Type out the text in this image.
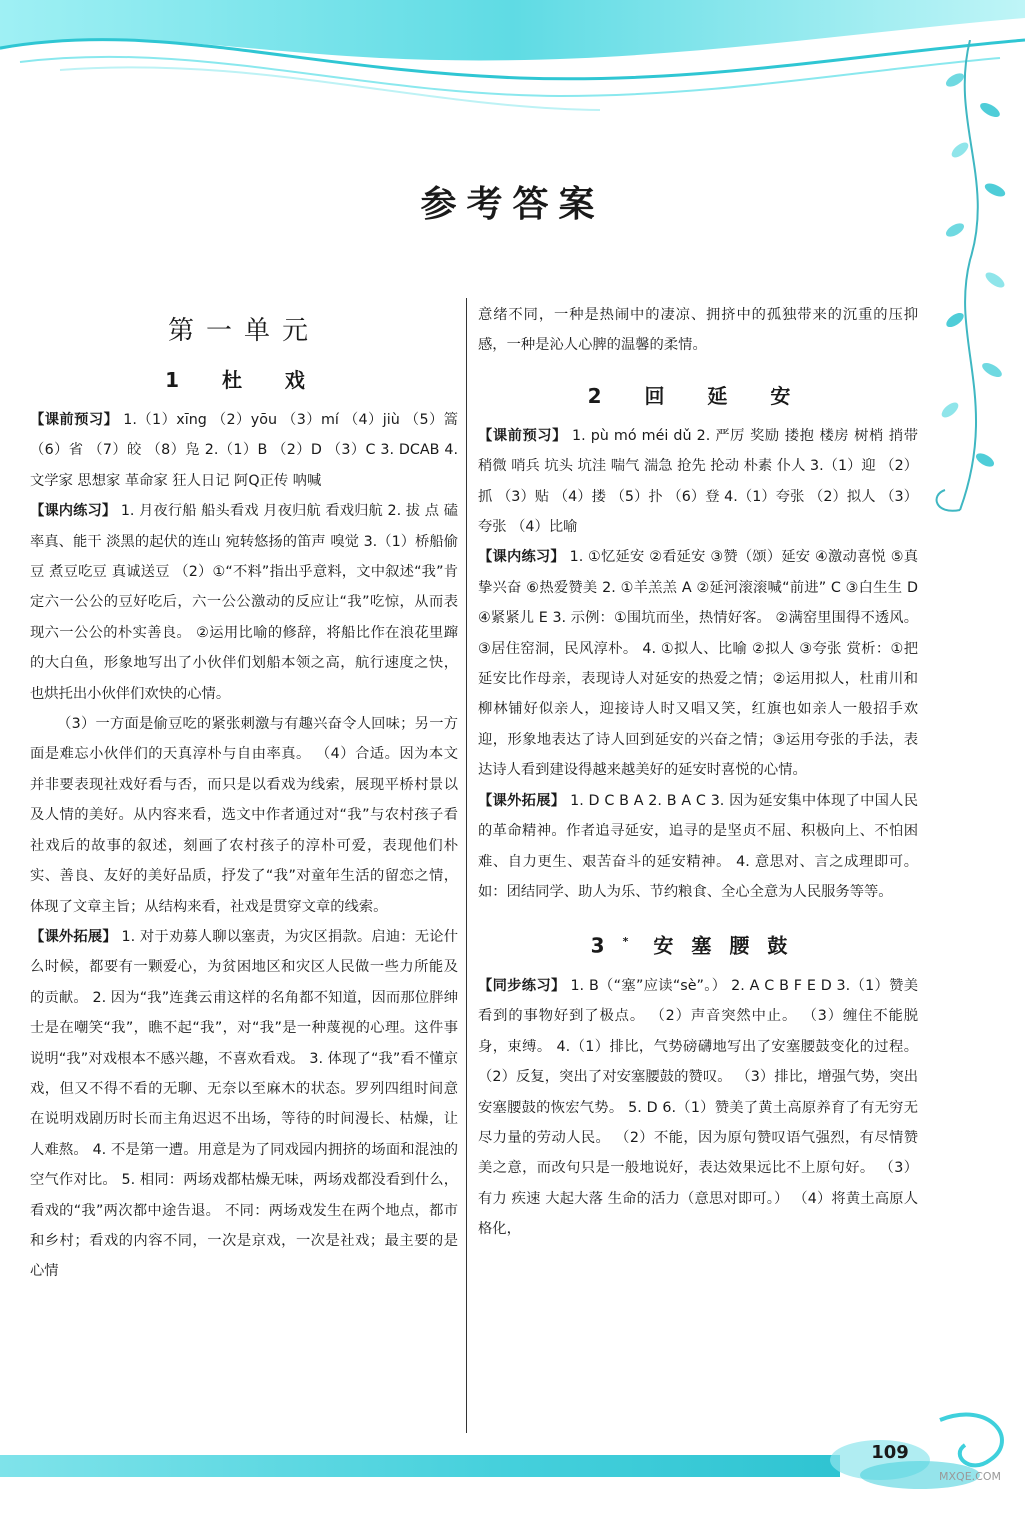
参考答案
第一单元
1 杜 戏

【课前预习】 1.（1）xīng （2）yōu （3）mí （4）jiù （5）篙 （6）省 （7）皎 （8）凫 2.（1）B （2）D （3）C 3. DCAB 4. 文学家 思想家 革命家 狂人日记 阿Q正传 呐喊

【课内练习】 1. 月夜行船 船头看戏 月夜归航 看戏归航 2. 拔 点 磕 率真、能干 淡黑的起伏的连山 宛转悠扬的笛声 嗅觉 3.（1）桥船偷豆 煮豆吃豆 真诚送豆 （2）①“不料”指出乎意料，文中叙述“我”肯定六一公公的豆好吃后，六一公公激动的反应让“我”吃惊，从而表现六一公公的朴实善良。 ②运用比喻的修辞，将船比作在浪花里蹿的大白鱼，形象地写出了小伙伴们划船本领之高，航行速度之快，也烘托出小伙伴们欢快的心情。

（3）一方面是偷豆吃的紧张刺激与有趣兴奋令人回味；另一方面是难忘小伙伴们的天真淳朴与自由率真。 （4）合适。因为本文并非要表现社戏好看与否，而只是以看戏为线索，展现平桥村景以及人情的美好。从内容来看，选文中作者通过对“我”与农村孩子看社戏后的故事的叙述，刻画了农村孩子的淳朴可爱，表现他们朴实、善良、友好的美好品质，抒发了“我”对童年生活的留恋之情，体现了文章主旨；从结构来看，社戏是贯穿文章的线索。

【课外拓展】 1. 对于劝募人聊以塞责，为灾区捐款。启迪：无论什么时候，都要有一颗爱心，为贫困地区和灾区人民做一些力所能及的贡献。 2. 因为“我”连龚云甫这样的名角都不知道，因而那位胖绅士是在嘲笑“我”，瞧不起“我”，对“我”是一种蔑视的心理。这件事说明“我”对戏根本不感兴趣，不喜欢看戏。 3. 体现了“我”看不懂京戏，但又不得不看的无聊、无奈以至麻木的状态。罗列四组时间意在说明戏剧历时长而主角迟迟不出场，等待的时间漫长、枯燥，让人难熬。 4. 不是第一遭。用意是为了同戏园内拥挤的场面和混浊的空气作对比。 5. 相同：两场戏都枯燥无味，两场戏都没看到什么，看戏的“我”两次都中途告退。 不同：两场戏发生在两个地点，都市和乡村；看戏的内容不同，一次是京戏，一次是社戏；最主要的是心情

意绪不同，一种是热闹中的凄凉、拥挤中的孤独带来的沉重的压抑感，一种是沁人心脾的温馨的柔情。

2 回 延 安

【课前预习】 1. pù mó méi dǔ 2. 严厉 奖励 搂抱 楼房 树梢 捎带 稍微 哨兵 坑头 坑洼 喘气 湍急 抢先 抡动 朴素 仆人 3.（1）迎 （2）抓 （3）贴 （4）搂 （5）扑 （6）登 4.（1）夸张 （2）拟人 （3）夸张 （4）比喻

【课内练习】 1. ①忆延安 ②看延安 ③赞（颂）延安 ④激动喜悦 ⑤真挚兴奋 ⑥热爱赞美 2. ①羊羔羔 A ②延河滚滚喊“前进” C ③白生生 D ④紧紧儿 E 3. 示例：①围坑而坐，热情好客。 ②满窑里围得不透风。 ③居住窑洞，民风淳朴。 4. ①拟人、比喻 ②拟人 ③夸张 赏析：①把延安比作母亲，表现诗人对延安的热爱之情；②运用拟人，杜甫川和柳林铺好似亲人，迎接诗人时又唱又笑，红旗也如亲人一般招手欢迎，形象地表达了诗人回到延安的兴奋之情；③运用夸张的手法，表达诗人看到建设得越来越美好的延安时喜悦的心情。

【课外拓展】 1. D C B A 2. B A C 3. 因为延安集中体现了中国人民的革命精神。作者追寻延安，追寻的是坚贞不屈、积极向上、不怕困难、自力更生、艰苦奋斗的延安精神。 4. 意思对、言之成理即可。如：团结同学、助人为乐、节约粮食、全心全意为人民服务等等。

3* 安塞腰鼓

【同步练习】 1. B（“塞”应读“sè”。） 2. A C B F E D 3.（1）赞美看到的事物好到了极点。 （2）声音突然中止。 （3）缠住不能脱身，束缚。 4.（1）排比，气势磅礴地写出了安塞腰鼓变化的过程。 （2）反复，突出了对安塞腰鼓的赞叹。 （3）排比，增强气势，突出安塞腰鼓的恢宏气势。 5. D 6.（1）赞美了黄土高原养育了有无穷无尽力量的劳动人民。 （2）不能，因为原句赞叹语气强烈，有尽情赞美之意，而改句只是一般地说好，表达效果远比不上原句好。 （3）有力 疾速 大起大落 生命的活力（意思对即可。） （4）将黄土高原人格化，

109
MXQE.COM
